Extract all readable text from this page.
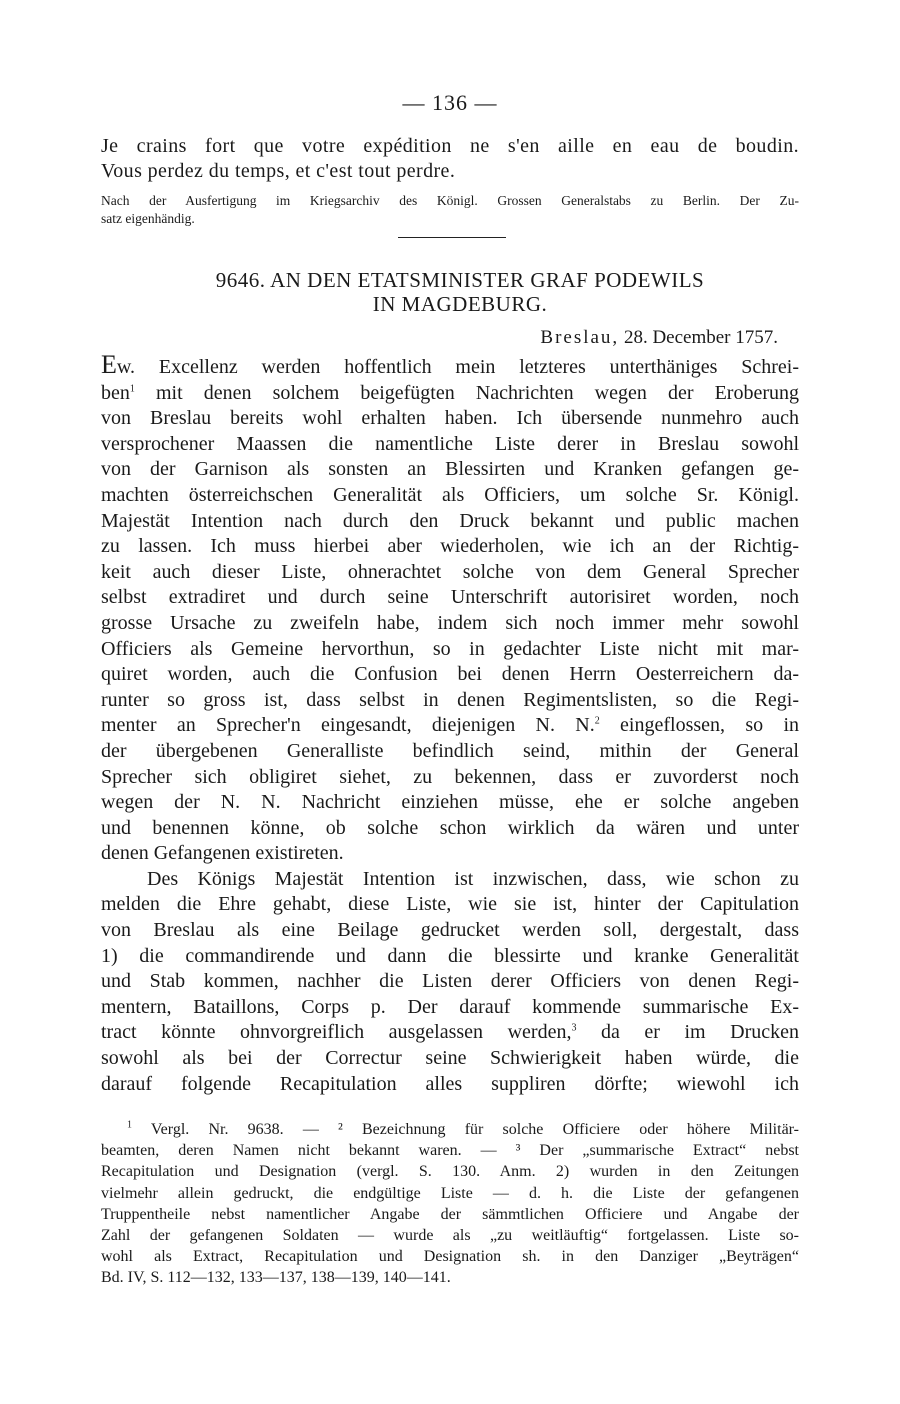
— 136 —
Je crains fort que votre expédition ne s'en aille en eau de boudin.
Vous perdez du temps, et c'est tout perdre.
Nach der Ausfertigung im Kriegsarchiv des Königl. Grossen Generalstabs zu Berlin. Der Zu-
satz eigenhändig.
9646. AN DEN ETATSMINISTER GRAF PODEWILS
IN MAGDEBURG.
Breslau, 28. December 1757.
Ew. Excellenz werden hoffentlich mein letzteres unterthäniges Schrei-
ben$^1$ mit denen solchem beigefügten Nachrichten wegen der Eroberung
von Breslau bereits wohl erhalten haben. Ich übersende nunmehro auch
versprochener Maassen die namentliche Liste derer in Breslau sowohl
von der Garnison als sonsten an Blessirten und Kranken gefangen ge-
machten österreichschen Generalität als Officiers, um solche Sr. Königl.
Majestät Intention nach durch den Druck bekannt und public machen
zu lassen. Ich muss hierbei aber wiederholen, wie ich an der Richtig-
keit auch dieser Liste, ohnerachtet solche von dem General Sprecher
selbst extradiret und durch seine Unterschrift autorisiret worden, noch
grosse Ursache zu zweifeln habe, indem sich noch immer mehr sowohl
Officiers als Gemeine hervorthun, so in gedachter Liste nicht mit mar-
quiret worden, auch die Confusion bei denen Herrn Oesterreichern da-
runter so gross ist, dass selbst in denen Regimentslisten, so die Regi-
menter an Sprecher'n eingesandt, diejenigen N. N.$^2$ eingeflossen, so in
der übergebenen Generalliste befindlich seind, mithin der General
Sprecher sich obligiret siehet, zu bekennen, dass er zuvorderst noch
wegen der N. N. Nachricht einziehen müsse, ehe er solche angeben
und benennen könne, ob solche schon wirklich da wären und unter
denen Gefangenen existireten.
Des Königs Majestät Intention ist inzwischen, dass, wie schon zu
melden die Ehre gehabt, diese Liste, wie sie ist, hinter der Capitulation
von Breslau als eine Beilage gedrucket werden soll, dergestalt, dass
1) die commandirende und dann die blessirte und kranke Generalität
und Stab kommen, nachher die Listen derer Officiers von denen Regi-
mentern, Bataillons, Corps p. Der darauf kommende summarische Ex-
tract könnte ohnvorgreiflich ausgelassen werden,$^3$ da er im Drucken
sowohl als bei der Correctur seine Schwierigkeit haben würde, die
darauf folgende Recapitulation alles suppliren dörfte; wiewohl ich
$^1$ Vergl. Nr. 9638. — ² Bezeichnung für solche Officiere oder höhere Militär-
beamten, deren Namen nicht bekannt waren. — ³ Der „summarische Extract“ nebst
Recapitulation und Designation (vergl. S. 130. Anm. 2) wurden in den Zeitungen
vielmehr allein gedruckt, die endgültige Liste — d. h. die Liste der gefangenen
Truppentheile nebst namentlicher Angabe der sämmtlichen Officiere und Angabe der
Zahl der gefangenen Soldaten — wurde als „zu weitläuftig“ fortgelassen. Liste so-
wohl als Extract, Recapitulation und Designation sh. in den Danziger „Beyträgen“
Bd. IV, S. 112—132, 133—137, 138—139, 140—141.
